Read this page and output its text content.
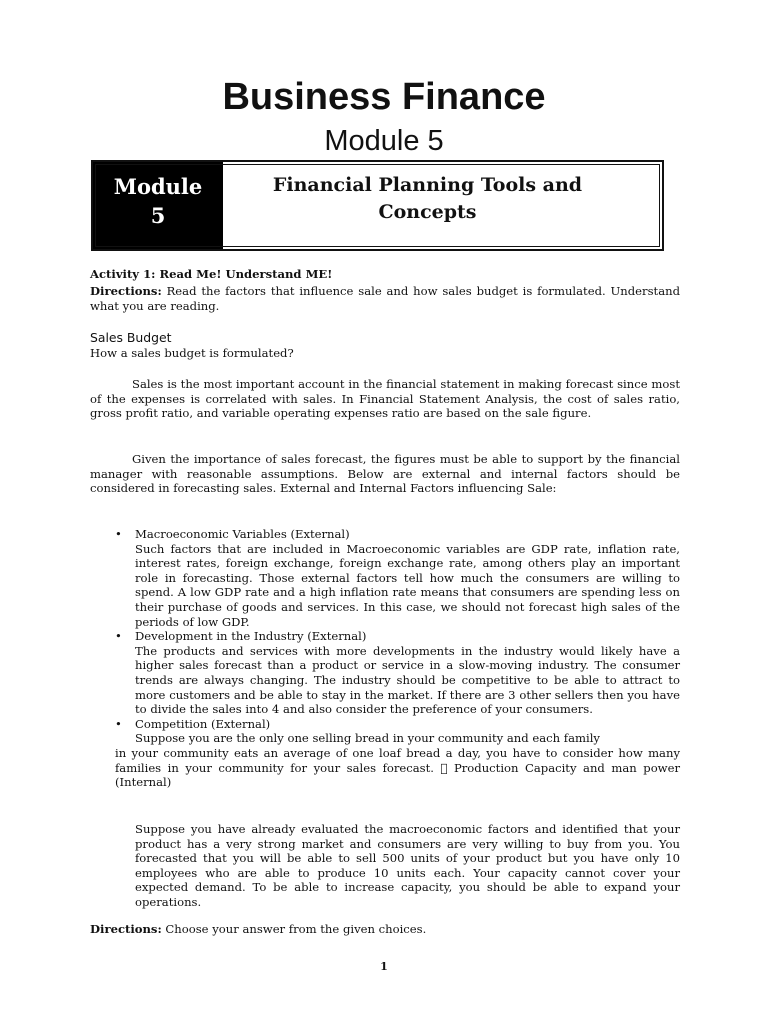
Business Finance
Module 5
Module
5
Financial Planning Tools and
Concepts

Activity 1: Read Me! Understand ME!

Directions: Read the factors that influence sale and how sales budget is formulated. Understand what you are reading.

Sales Budget

How a sales budget is formulated?

Sales is the most important account in the financial statement in making forecast since most of the expenses is correlated with sales. In Financial Statement Analysis, the cost of sales ratio, gross profit ratio, and variable operating expenses ratio are based on the sale figure.

Given the importance of sales forecast, the figures must be able to support by the financial manager with reasonable assumptions. Below are external and internal factors should be considered in forecasting sales. External and Internal Factors influencing Sale:

• Macroeconomic Variables (External)
Such factors that are included in Macroeconomic variables are GDP rate, inflation rate, interest rates, foreign exchange, foreign exchange rate, among others play an important role in forecasting. Those external factors tell how much the consumers are willing to spend. A low GDP rate and a high inflation rate means that consumers are spending less on their purchase of goods and services. In this case, we should not forecast high sales of the periods of low GDP.
• Development in the Industry (External)
The products and services with more developments in the industry would likely have a higher sales forecast than a product or service in a slow-moving industry. The consumer trends are always changing. The industry should be competitive to be able to attract to more customers and be able to stay in the market. If there are 3 other sellers then you have to divide the sales into 4 and also consider the preference of your consumers.
• Competition (External)
Suppose you are the only one selling bread in your community and each family
in your community eats an average of one loaf bread a day, you have to consider how many families in your community for your sales forecast. Production Capacity and man power (Internal)

Suppose you have already evaluated the macroeconomic factors and identified that your product has a very strong market and consumers are very willing to buy from you. You forecasted that you will be able to sell 500 units of your product but you have only 10 employees who are able to produce 10 units each. Your capacity cannot cover your expected demand. To be able to increase capacity, you should be able to expand your operations.

Directions: Choose your answer from the given choices.

1
